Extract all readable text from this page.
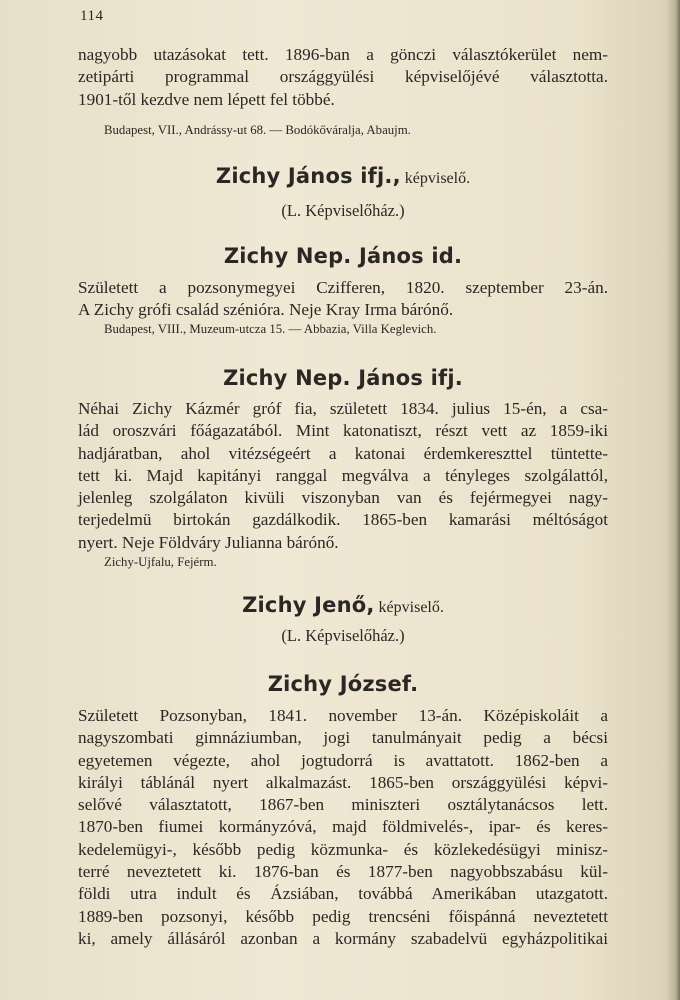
114

nagyobb utazásokat tett. 1896-ban a gönczi választókerület nem-
zetipárti programmal országgyülési képviselőjévé választotta.
1901-től kezdve nem lépett fel többé.

Budapest, VII., Andrássy-ut 68. — Bodókőváralja, Abaujm.

Zichy János ifj., képviselő.

(L. Képviselőház.)

Zichy Nep. János id.

Született a pozsonymegyei Czifferen, 1820. szeptember 23-án.
A Zichy grófi család szénióra. Neje Kray Irma bárónő.

Budapest, VIII., Muzeum-utcza 15. — Abbazia, Villa Keglevich.

Zichy Nep. János ifj.

Néhai Zichy Kázmér gróf fia, született 1834. julius 15-én, a csa-
lád oroszvári főágazatából. Mint katonatiszt, részt vett az 1859-iki
hadjáratban, ahol vitézségeért a katonai érdemkereszttel tüntette-
tett ki. Majd kapitányi ranggal megválva a tényleges szolgálattól,
jelenleg szolgálaton kivüli viszonyban van és fejérmegyei nagy-
terjedelmü birtokán gazdálkodik. 1865-ben kamarási méltóságot
nyert. Neje Földváry Julianna bárónő.

Zichy-Ujfalu, Fejérm.

Zichy Jenő, képviselő.

(L. Képviselőház.)

Zichy József.

Született Pozsonyban, 1841. november 13-án. Középiskoláit a
nagyszombati gimnáziumban, jogi tanulmányait pedig a bécsi
egyetemen végezte, ahol jogtudorrá is avattatott. 1862-ben a
királyi táblánál nyert alkalmazást. 1865-ben országgyülési képvi-
selővé választatott, 1867-ben miniszteri osztálytanácsos lett.
1870-ben fiumei kormányzóvá, majd földmivelés-, ipar- és keres-
kedelemügyi-, később pedig közmunka- és közlekedésügyi minisz-
terré neveztetett ki. 1876-ban és 1877-ben nagyobbszabásu kül-
földi utra indult és Ázsiában, továbbá Amerikában utazgatott.
1889-ben pozsonyi, később pedig trencséni főispánná neveztetett
ki, amely állásáról azonban a kormány szabadelvü egyházpolitikai
